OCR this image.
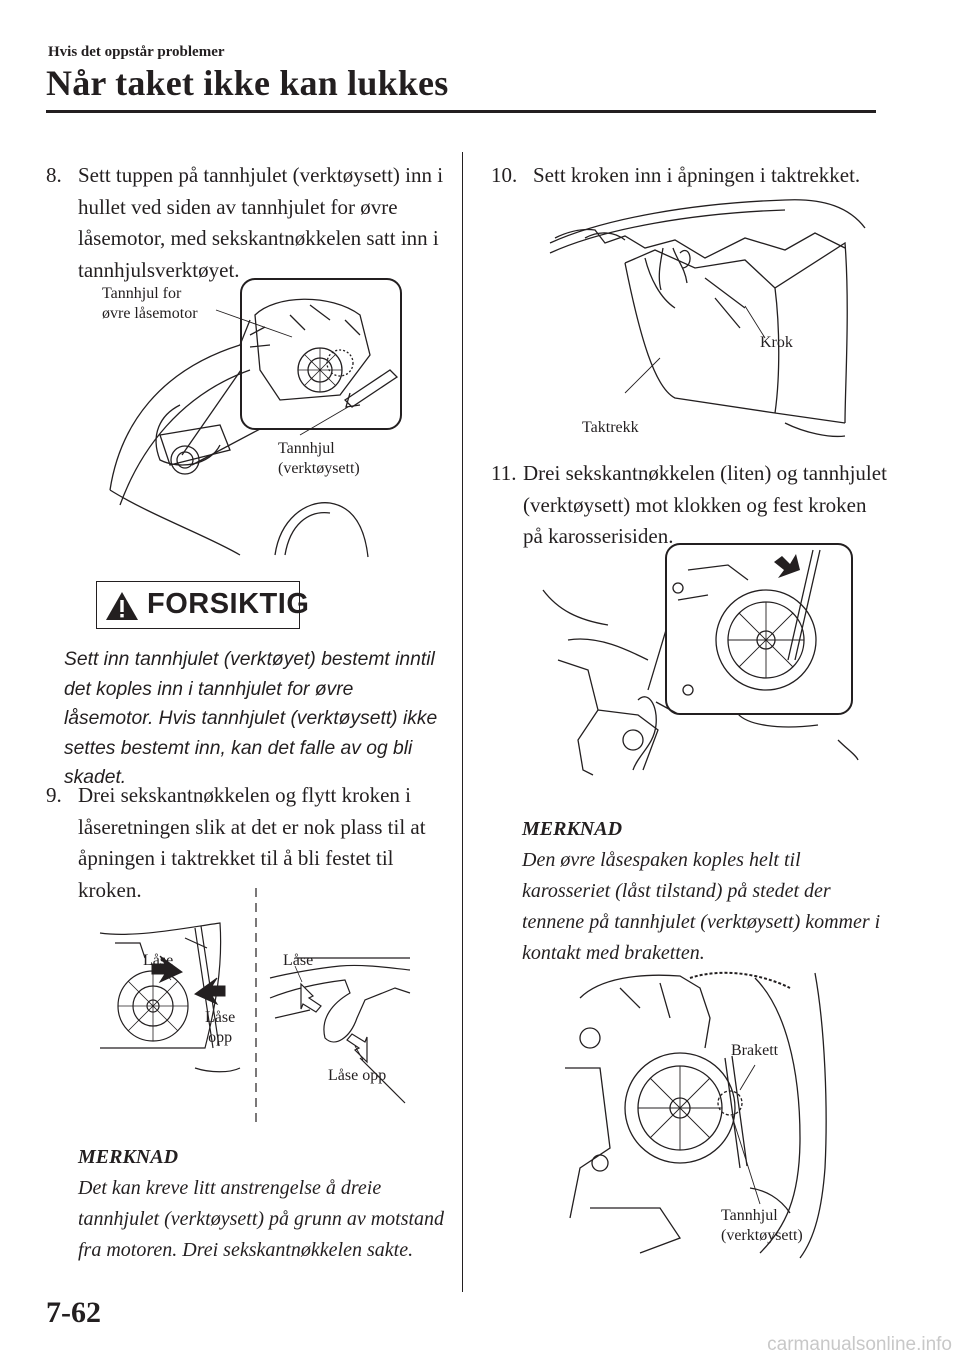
Hvis det oppstår problemer
Når taket ikke kan lukkes
8. Sett tuppen på tannhjulet (verktøysett) inn i hullet ved siden av tannhjulet for øvre låsemotor, med sekskantnøkkelen satt inn i tannhjulsverktøyet.
Tannhjul for
øvre låsemotor
Tannhjul
(verktøysett)
FORSIKTIG
Sett inn tannhjulet (verktøyet) bestemt inntil det koples inn i tannhjulet for øvre låsemotor. Hvis tannhjulet (verktøysett) ikke settes bestemt inn, kan det falle av og bli skadet.
9. Drei sekskantnøkkelen og flytt kroken i låseretningen slik at det er nok plass til at åpningen i taktrekket til å bli festet til kroken.
Låse
Låse
opp
Låse
Låse opp
MERKNAD
Det kan kreve litt anstrengelse å dreie tannhjulet (verktøysett) på grunn av motstand fra motoren. Drei sekskantnøkkelen sakte.
10. Sett kroken inn i åpningen i taktrekket.
Krok
Taktrekk
11. Drei sekskantnøkkelen (liten) og tannhjulet (verktøysett) mot klokken og fest kroken på karosserisiden.
MERKNAD
Den øvre låsespaken koples helt til karosseriet (låst tilstand) på stedet der tennene på tannhjulet (verktøysett) kommer i kontakt med braketten.
Brakett
Tannhjul
(verktøysett)
7-62
carmanualsonline.info
